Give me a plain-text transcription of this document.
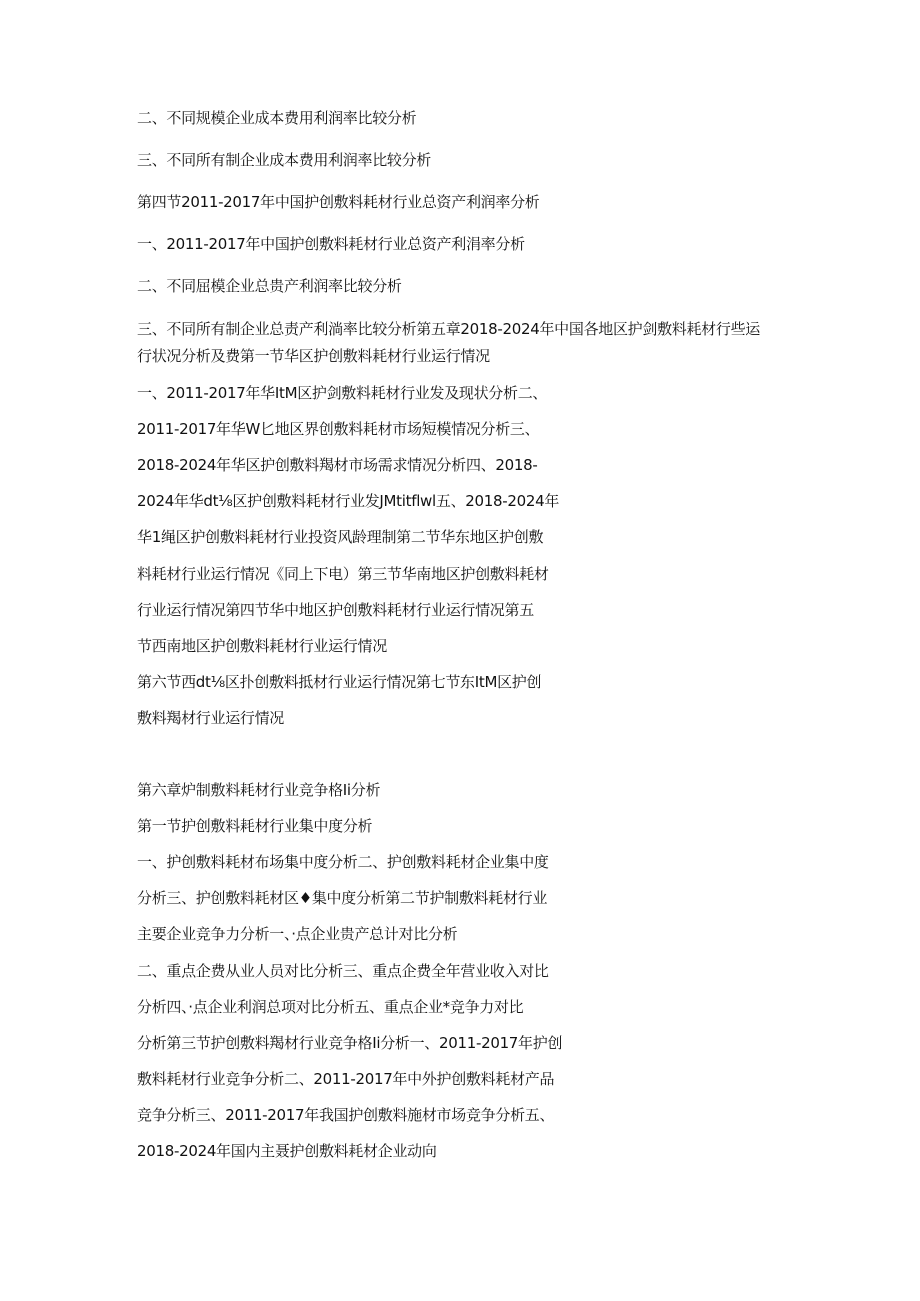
二、不同规模企业成本费用利润率比较分析

三、不同所有制企业成本费用利润率比较分析

第四节2011-2017年中国护创敷料耗材行业总资产利润率分析

一、2011-2017年中国护创敷料耗材行业总资产利涓率分析

二、不同屈模企业总贵产利润率比较分析

三、不同所有制企业总责产利淌率比较分析第五章2018-2024年中国各地区护剑敷料耗材行些运

行状况分析及费第一节华区护创敷料耗材行业运行情况

一、2011-2017年华ItM区护剑敷料耗材行业发及现状分析二、

2011-2017年华W匕地区界创敷料耗材市场短模情况分析三、

2018-2024年华区护创敷料羯材市场需求情况分析四、2018-

2024年华dt⅛区护创敷料耗材行业发JMtitflwl五、2018-2024年

华1绳区护创敷料耗材行业投资风龄理制第二节华东地区护创敷

料耗材行业运行情况《同上下电）第三节华南地区护创敷料耗材

行业运行情况第四节华中地区护创敷料耗材行业运行情况第五

节西南地区护创敷料耗材行业运行情况

第六节西dt⅛区扑创敷料抵材行业运行情况第七节东ItM区护创

敷料羯材行业运行情况

第六章炉制敷料耗材行业竞争格Ii分析

第一节护创敷料耗材行业集中度分析

一、护创敷料耗材布场集中度分析二、护创敷料耗材企业集中度

分析三、护创敷料耗材区♦集中度分析第二节护制敷料耗材行业

主要企业竞争力分析一、·点企业贵产总计对比分析

二、重点企费从业人员对比分析三、重点企费全年营业收入对比

分析四、·点企业利润总项对比分析五、重点企业*竞争力对比

分析第三节护创敷料羯材行业竞争格Ii分析一、2011-2017年护创

敷料耗材行业竞争分析二、2011-2017年中外护创敷料耗材产品

竞争分析三、2011-2017年我国护创敷料施材市场竞争分析五、

2018-2024年国内主聂护创敷料耗材企业动向
